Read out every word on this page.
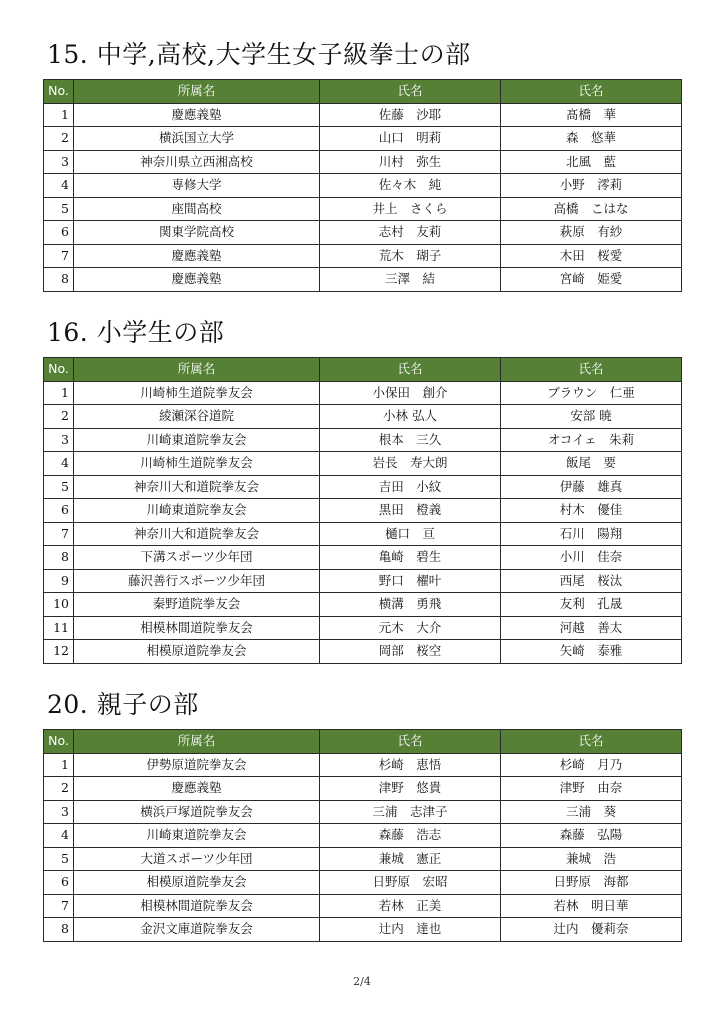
15. 中学,高校,大学生女子級拳士の部
No.	所属名	氏名	氏名
1	慶應義塾	佐藤　沙耶	髙橋　華
2	横浜国立大学	山口　明莉	森　悠華
3	神奈川県立西湘高校	川村　弥生	北風　藍
4	専修大学	佐々木　純	小野　澪莉
5	座間高校	井上　さくら	高橋　こはな
6	関東学院高校	志村　友莉	萩原　有紗
7	慶應義塾	荒木　瑚子	木田　桜愛
8	慶應義塾	三澤　結	宮崎　姫愛
16. 小学生の部
No.	所属名	氏名	氏名
1	川崎柿生道院拳友会	小保田　創介	ブラウン　仁亜
2	綾瀬深谷道院	小林 弘人	安部 暁
3	川崎東道院拳友会	根本　三久	オコイェ　朱莉
4	川崎柿生道院拳友会	岩長　寿大朗	飯尾　要
5	神奈川大和道院拳友会	吉田　小紋	伊藤　雄真
6	川崎東道院拳友会	黒田　橙義	村木　優佳
7	神奈川大和道院拳友会	樋口　亘	石川　陽翔
8	下溝スポーツ少年団	亀崎　碧生	小川　佳奈
9	藤沢善行スポーツ少年団	野口　櫂叶	西尾　桜汰
10	秦野道院拳友会	横溝　勇飛	友利　孔晟
11	相模林間道院拳友会	元木　大介	河越　善太
12	相模原道院拳友会	岡部　桜空	矢崎　泰雅
20. 親子の部
No.	所属名	氏名	氏名
1	伊勢原道院拳友会	杉崎　恵悟	杉崎　月乃
2	慶應義塾	津野　悠貴	津野　由奈
3	横浜戸塚道院拳友会	三浦　志津子	三浦　葵
4	川崎東道院拳友会	森藤　浩志	森藤　弘陽
5	大道スポーツ少年団	兼城　憲正	兼城　浩
6	相模原道院拳友会	日野原　宏昭	日野原　海都
7	相模林間道院拳友会	若林　正美	若林　明日華
8	金沢文庫道院拳友会	辻内　達也	辻内　優莉奈
2/4
